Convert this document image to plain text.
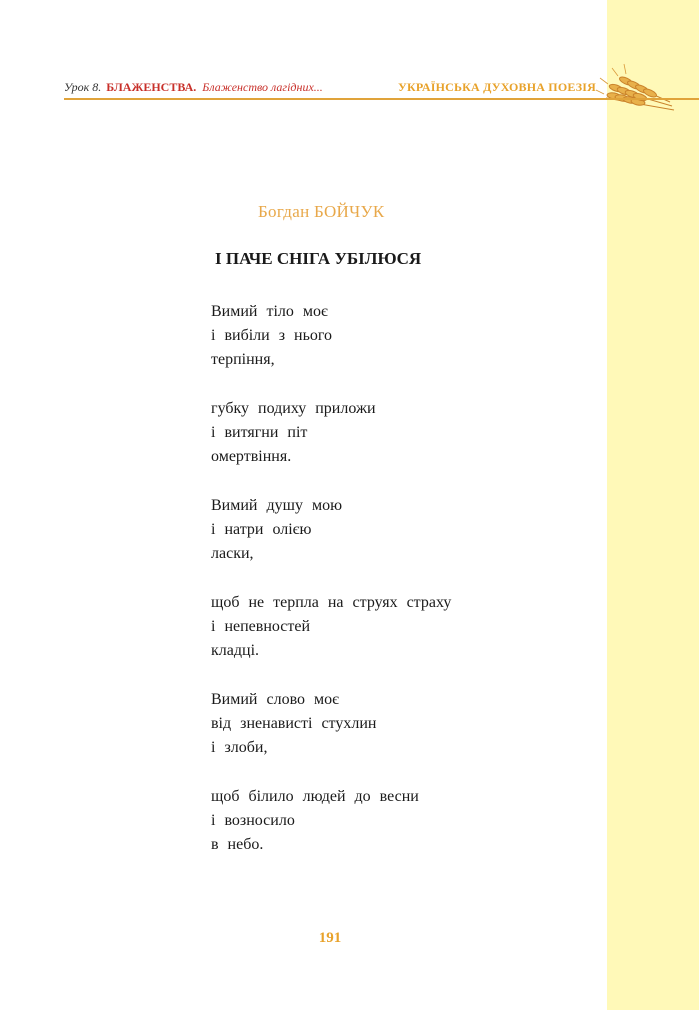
Урок 8. БЛАЖЕНСТВА. Блаженство лагідних...	УКРАЇНСЬКА ДУХОВНА ПОЕЗІЯ
Богдан БОЙЧУК
І ПАЧЕ СНІГА УБІЛЮСЯ
Вимий тіло моє
і вибіли з нього
терпіння,
губку подиху приложи
і витягни піт
омертвіння.
Вимий душу мою
і натри олією
ласки,
щоб не терпла на струях страху
і непевностей
кладці.
Вимий слово моє
від зненависті стухлин
і злоби,
щоб білило людей до весни
і возносило
в небо.
191
